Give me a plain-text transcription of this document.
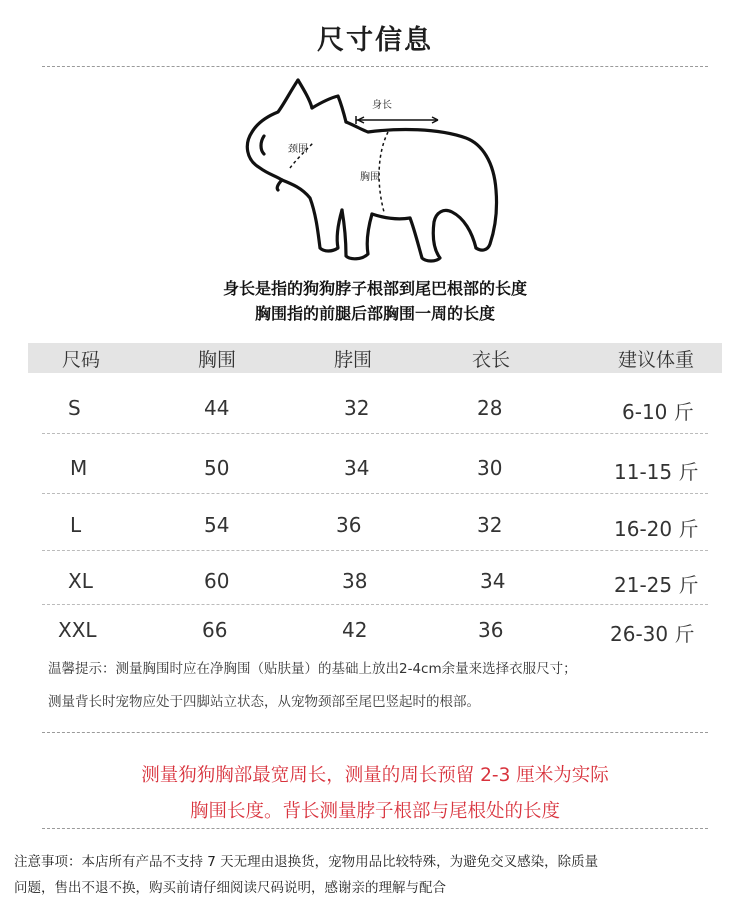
尺寸信息
身长
颈围
胸围
身长是指的狗狗脖子根部到尾巴根部的长度
胸围指的前腿后部胸围一周的长度
尺码	胸围	脖围	衣长	建议体重
S	44	32	28	6-10 斤
M	50	34	30	11-15 斤
L	54	36	32	16-20 斤
XL	60	38	34	21-25 斤
XXL	66	42	36	26-30 斤
温馨提示：测量胸围时应在净胸围（贴肤量）的基础上放出2-4cm余量来选择衣服尺寸；
测量背长时宠物应处于四脚站立状态，从宠物颈部至尾巴竖起时的根部。
测量狗狗胸部最宽周长，测量的周长预留 2-3 厘米为实际
胸围长度。背长测量脖子根部与尾根处的长度
注意事项：本店所有产品不支持 7 天无理由退换货，宠物用品比较特殊，为避免交叉感染，除质量
问题，售出不退不换，购买前请仔细阅读尺码说明，感谢亲的理解与配合
